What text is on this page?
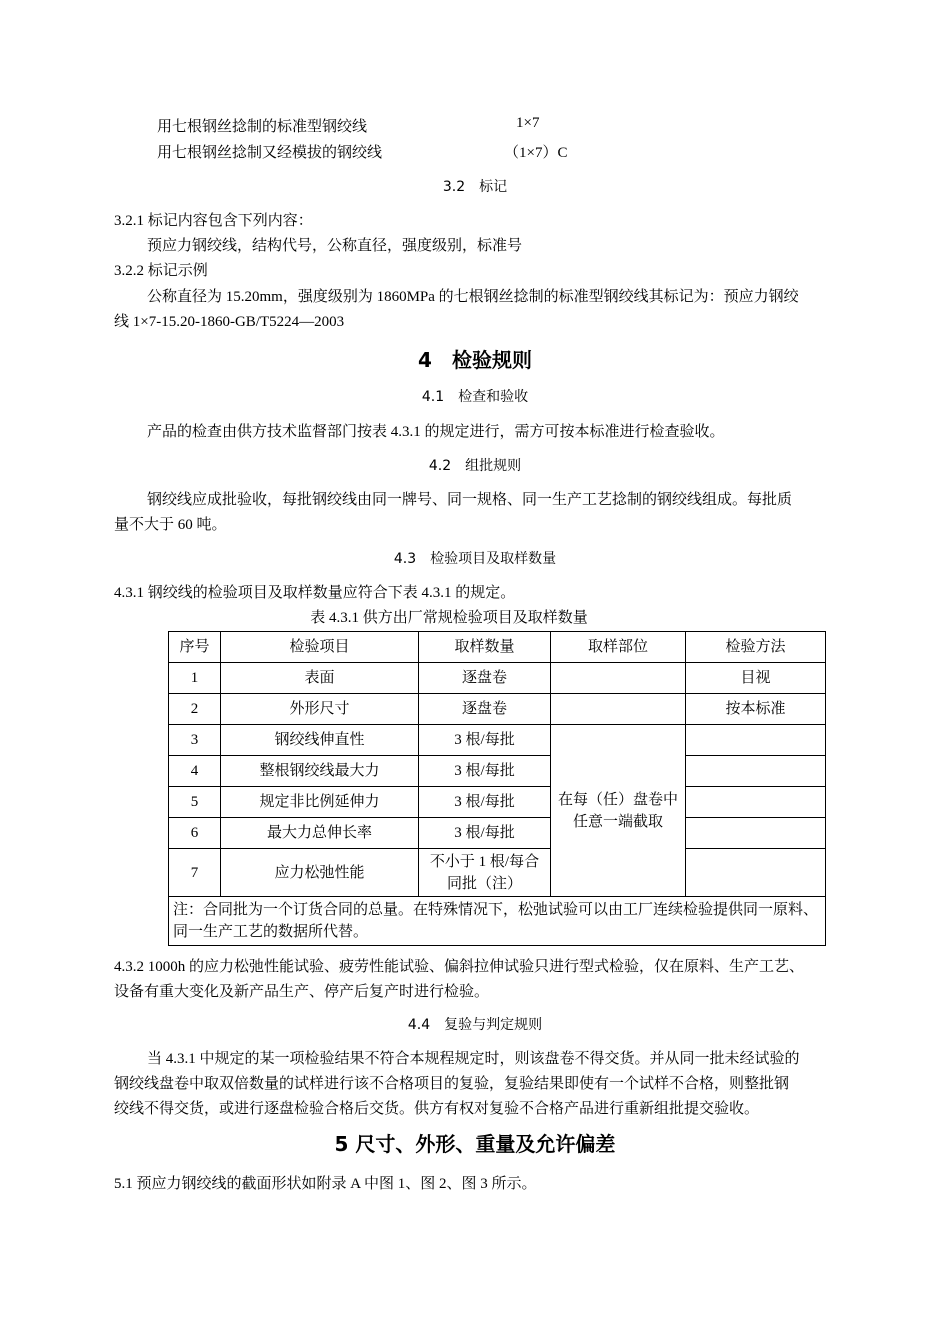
用七根钢丝捻制的标准型钢绞线	1×7
用七根钢丝捻制又经模拔的钢绞线	（1×7）C
3.2　标记
3.2.1 标记内容包含下列内容：
预应力钢绞线，结构代号，公称直径，强度级别，标准号
3.2.2 标记示例
公称直径为 15.20mm，强度级别为 1860MPa 的七根钢丝捻制的标准型钢绞线其标记为：预应力钢绞
线 1×7-15.20-1860-GB/T5224—2003
4　检验规则
4.1　检查和验收
产品的检查由供方技术监督部门按表 4.3.1 的规定进行，需方可按本标准进行检查验收。
4.2　组批规则
钢绞线应成批验收，每批钢绞线由同一牌号、同一规格、同一生产工艺捻制的钢绞线组成。每批质
量不大于 60 吨。
4.3　检验项目及取样数量
4.3.1 钢绞线的检验项目及取样数量应符合下表 4.3.1 的规定。
表 4.3.1 供方出厂常规检验项目及取样数量
序号	检验项目	取样数量	取样部位	检验方法
1	表面	逐盘卷		目视
2	外形尺寸	逐盘卷		按本标准
3	钢绞线伸直性	3 根/每批	在每（任）盘卷中任意一端截取	

4	整根钢绞线最大力	3 根/每批		
5	规定非比例延伸力	3 根/每批		
6	最大力总伸长率	3 根/每批		
7	应力松弛性能	不小于 1 根/每合同批（注）		

注：合同批为一个订货合同的总量。在特殊情况下，松弛试验可以由工厂连续检验提供同一原料、同一生产工艺的数据所代替。				
4.3.2 1000h 的应力松弛性能试验、疲劳性能试验、偏斜拉伸试验只进行型式检验，仅在原料、生产工艺、
设备有重大变化及新产品生产、停产后复产时进行检验。
4.4　复验与判定规则
当 4.3.1 中规定的某一项检验结果不符合本规程规定时，则该盘卷不得交货。并从同一批未经试验的
钢绞线盘卷中取双倍数量的试样进行该不合格项目的复验，复验结果即使有一个试样不合格，则整批钢
绞线不得交货，或进行逐盘检验合格后交货。供方有权对复验不合格产品进行重新组批提交验收。
5 尺寸、外形、重量及允许偏差
5.1 预应力钢绞线的截面形状如附录 A 中图 1、图 2、图 3 所示。
